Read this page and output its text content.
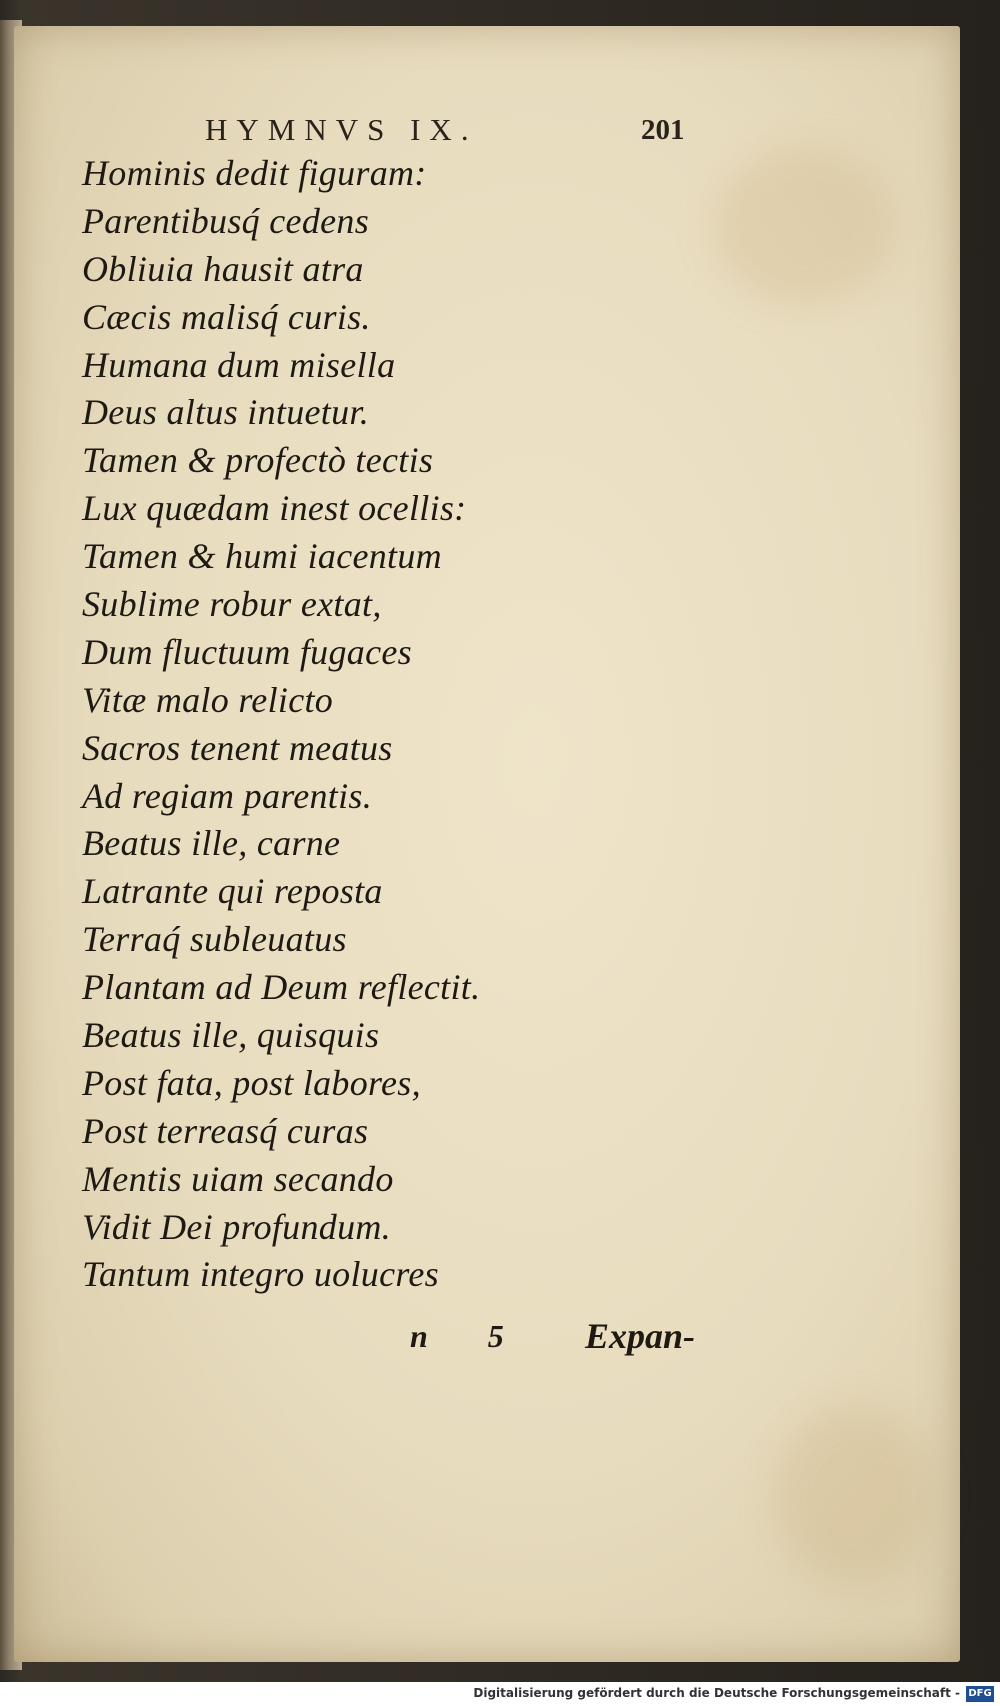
HYMNVS IX.	201
Hominis dedit figuram:
Parentibusq́ cedens
Obliuia hausit atra
Cæcis malisq́ curis.
Humana dum misella
Deus altus intuetur.
Tamen & profectò tectis
Lux quædam inest ocellis:
Tamen & humi iacentum
Sublime robur extat,
Dum fluctuum fugaces
Vitæ malo relicto
Sacros tenent meatus
Ad regiam parentis.
Beatus ille, carne
Latrante qui reposta
Terraq́ subleuatus
Plantam ad Deum reflectit.
Beatus ille, quisquis
Post fata, post labores,
Post terreasq́ curas
Mentis uiam secando
Vidit Dei profundum.
Tantum integro uolucres
n 5 Expan-
Digitalisierung gefördert durch die Deutsche Forschungsgemeinschaft - DFG
